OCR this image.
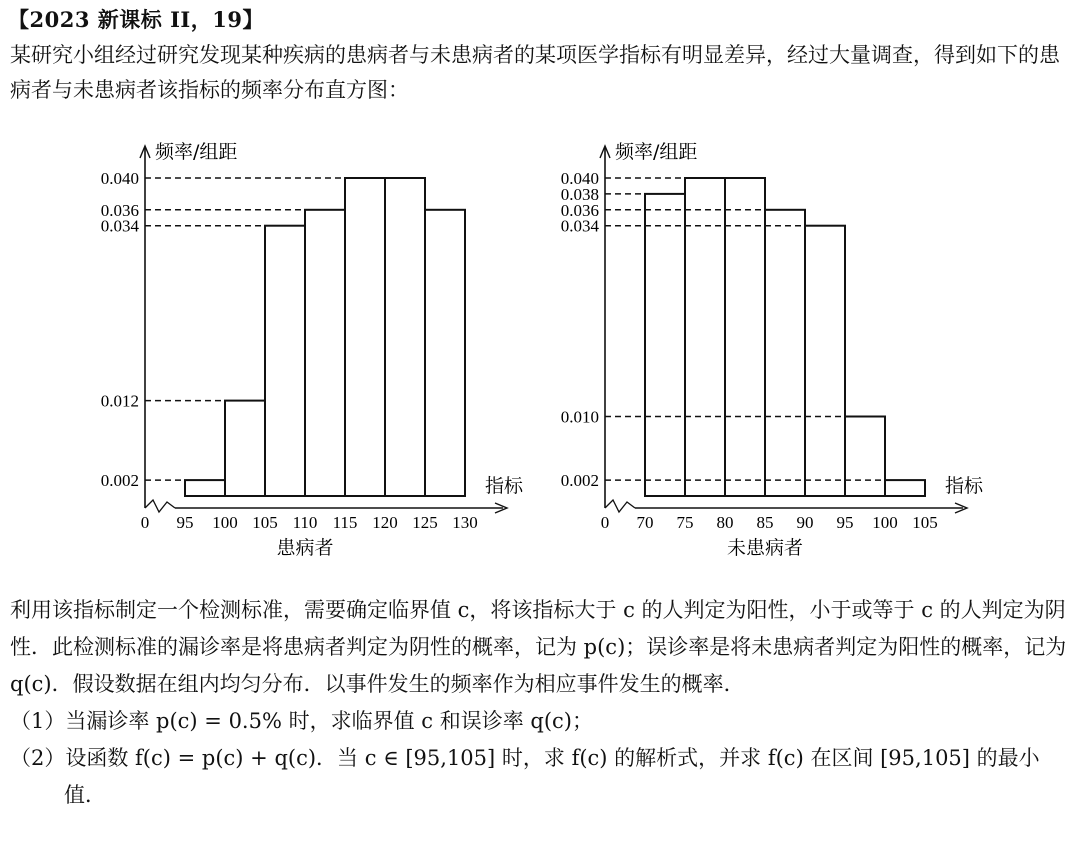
【2023 新课标 II，19】
某研究小组经过研究发现某种疾病的患病者与未患病者的某项医学指标有明显差异，经过大量调查，得到如下的患病者与未患病者该指标的频率分布直方图：
0.002
0.012
0.034
0.036
0.040
0 95 100 105 110 115 120 125 130
频率/组距
指标
患病者
0.002
0.010
0.034
0.036
0.038
0.040
0 70 75 80 85 90 95 100 105
频率/组距
指标
未患病者

利用该指标制定一个检测标准，需要确定临界值 c，将该指标大于 c 的人判定为阳性，小于或等于 c 的人判定为阴性．此检测标准的漏诊率是将患病者判定为阴性的概率，记为 p(c)；误诊率是将未患病者判定为阳性的概率，记为 q(c)．假设数据在组内均匀分布．以事件发生的频率作为相应事件发生的概率．

（1）当漏诊率 p(c) = 0.5% 时，求临界值 c 和误诊率 q(c)；

（2）设函数 f(c) = p(c) + q(c)．当 c ∈ [95,105] 时，求 f(c) 的解析式，并求 f(c) 在区间 [95,105] 的最小值．
